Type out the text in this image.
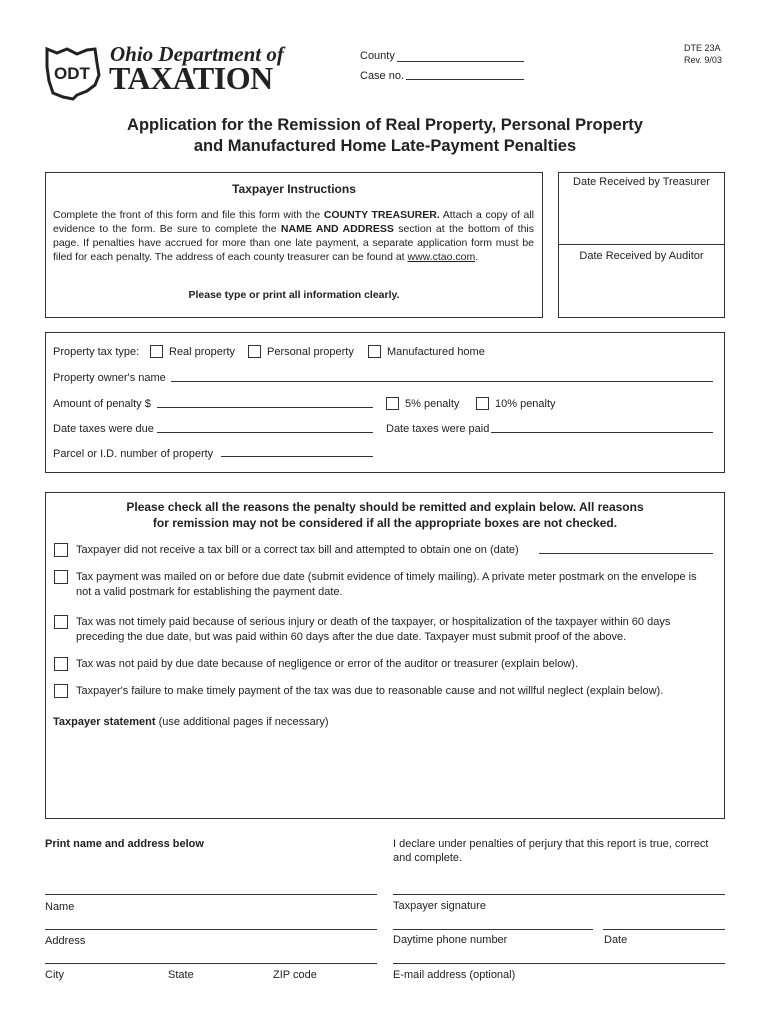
ODT
Ohio Department of
TAXATION
County
Case no.
DTE 23A
Rev. 9/03
Application for the Remission of Real Property, Personal Property
and Manufactured Home Late-Payment Penalties
Taxpayer Instructions
Complete the front of this form and file this form with the COUNTY TREASURER. Attach a copy of all evidence to the form. Be sure to complete the NAME AND ADDRESS section at the bottom of this page. If penalties have accrued for more than one late payment, a separate application form must be filed for each penalty. The address of each county treasurer can be found at www.ctao.com.
Please type or print all information clearly.
Date Received by Treasurer
Date Received by Auditor
Property tax type:	Real property	Personal property	Manufactured home
Property owner's name
Amount of penalty $	5% penalty	10% penalty
Date taxes were due	Date taxes were paid
Parcel or I.D. number of property
Please check all the reasons the penalty should be remitted and explain below. All reasons
for remission may not be considered if all the appropriate boxes are not checked.
Taxpayer did not receive a tax bill or a correct tax bill and attempted to obtain one on (date)
Tax payment was mailed on or before due date (submit evidence of timely mailing). A private meter postmark on the envelope is
not a valid postmark for establishing the payment date.
Tax was not timely paid because of serious injury or death of the taxpayer, or hospitalization of the taxpayer within 60 days
preceding the due date, but was paid within 60 days after the due date. Taxpayer must submit proof of the above.
Tax was not paid by due date because of negligence or error of the auditor or treasurer (explain below).
Taxpayer's failure to make timely payment of the tax was due to reasonable cause and not willful neglect (explain below).
Taxpayer statement (use additional pages if necessary)
Print name and address below	I declare under penalties of perjury that this report is true, correct
and complete.
Name	Taxpayer signature
Address	Daytime phone number	Date
City	State	ZIP code	E-mail address (optional)
